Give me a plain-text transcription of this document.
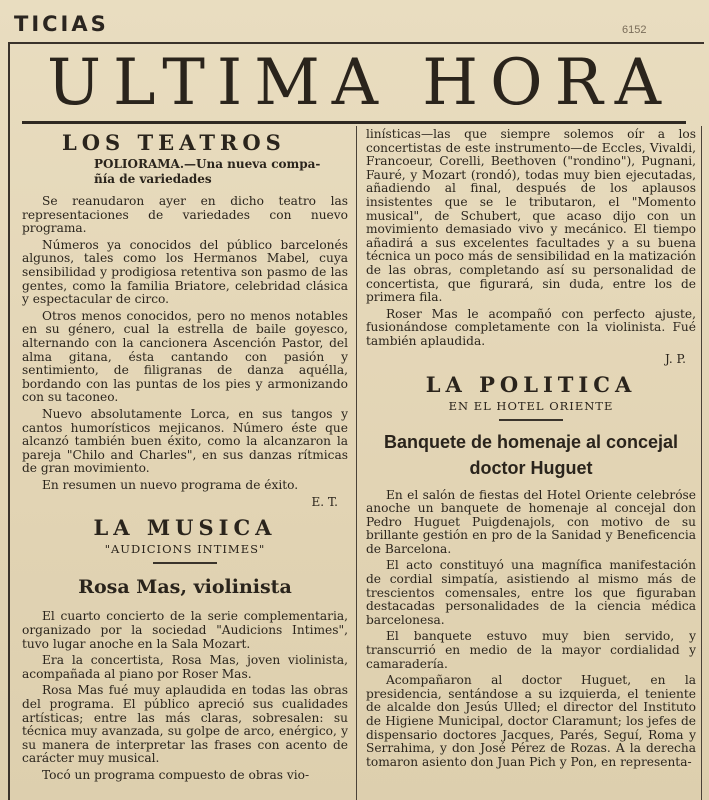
TICIAS	6152
ULTIMA HORA
LOS TEATROS
POLIORAMA.—Una nueva compa-
ñía de variedades

Se reanudaron ayer en dicho teatro las representaciones de variedades con nuevo programa.

Números ya conocidos del público barcelonés algunos, tales como los Hermanos Mabel, cuya sensibilidad y prodigiosa retentiva son pasmo de las gentes, como la familia Briatore, celebridad clásica y espectacular de circo.

Otros menos conocidos, pero no menos notables en su género, cual la estrella de baile goyesco, alternando con la cancionera Ascención Pastor, del alma gitana, ésta cantando con pasión y sentimiento, de filigranas de danza aquélla, bordando con las puntas de los pies y armonizando con su taconeo.

Nuevo absolutamente Lorca, en sus tangos y cantos humorísticos mejicanos. Número éste que alcanzó también buen éxito, como la alcanzaron la pareja "Chilo and Charles", en sus danzas rítmicas de gran movimiento.

En resumen un nuevo programa de éxito.

E. T.
LA MUSICA
"AUDICIONS INTIMES"
Rosa Mas, violinista

El cuarto concierto de la serie complementaria, organizado por la sociedad "Audicions Intimes", tuvo lugar anoche en la Sala Mozart.

Era la concertista, Rosa Mas, joven violinista, acompañada al piano por Roser Mas.

Rosa Mas fué muy aplaudida en todas las obras del programa. El público apreció sus cualidades artísticas; entre las más claras, sobresalen: su técnica muy avanzada, su golpe de arco, enérgico, y su manera de interpretar las frases con acento de carácter muy musical.

Tocó un programa compuesto de obras vio-

linísticas—las que siempre solemos oír a los concertistas de este instrumento—de Eccles, Vivaldi, Francoeur, Corelli, Beethoven ("rondino"), Pugnani, Fauré, y Mozart (rondó), todas muy bien ejecutadas, añadiendo al final, después de los aplausos insistentes que se le tributaron, el "Momento musical", de Schubert, que acaso dijo con un movimiento demasiado vivo y mecánico. El tiempo añadirá a sus excelentes facultades y a su buena técnica un poco más de sensibilidad en la matización de las obras, completando así su personalidad de concertista, que figurará, sin duda, entre los de primera fila.

Roser Mas le acompañó con perfecto ajuste, fusionándose completamente con la violinista. Fué también aplaudida.

J. P.
LA POLITICA
EN EL HOTEL ORIENTE
Banquete de homenaje al concejal
doctor Huguet

En el salón de fiestas del Hotel Oriente celebróse anoche un banquete de homenaje al concejal don Pedro Huguet Puigdenajols, con motivo de su brillante gestión en pro de la Sanidad y Beneficencia de Barcelona.

El acto constituyó una magnífica manifestación de cordial simpatía, asistiendo al mismo más de trescientos comensales, entre los que figuraban destacadas personalidades de la ciencia médica barcelonesa.

El banquete estuvo muy bien servido, y transcurrió en medio de la mayor cordialidad y camaradería.

Acompañaron al doctor Huguet, en la presidencia, sentándose a su izquierda, el teniente de alcalde don Jesús Ulled; el director del Instituto de Higiene Municipal, doctor Claramunt; los jefes de dispensario doctores Jacques, Parés, Seguí, Roma y Serrahima, y don José Pérez de Rozas. A la derecha tomaron asiento don Juan Pich y Pon, en representa-
